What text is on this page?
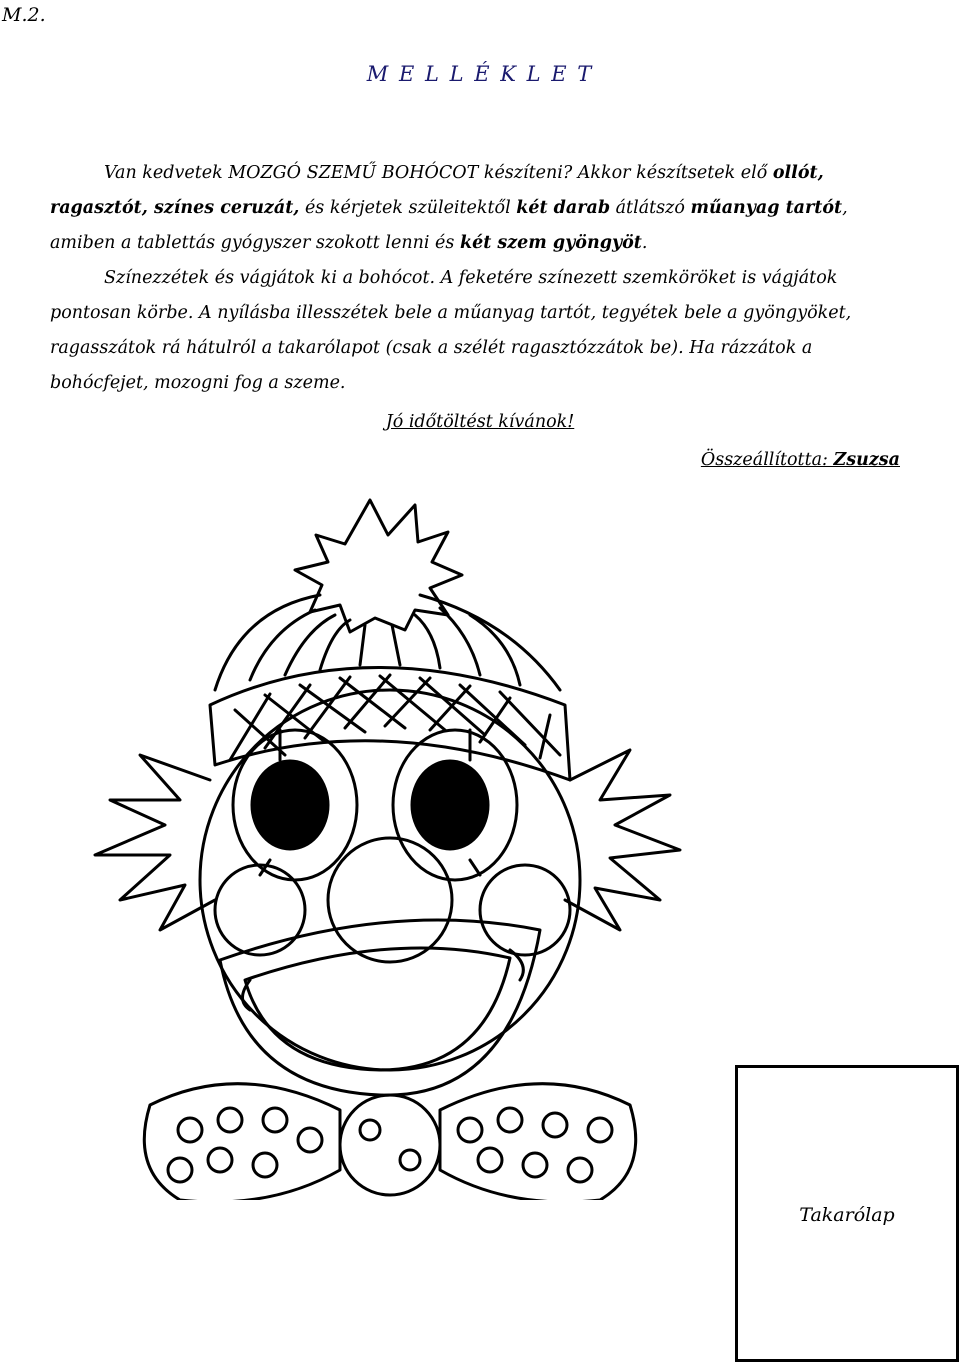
M.2.
M E L L É K L E T

Van kedvetek MOZGÓ SZEMŰ BOHÓCOT készíteni? Akkor készítsetek elő ollót, ragasztót, színes ceruzát, és kérjetek szüleitektől két darab átlátszó műanyag tartót, amiben a tablettás gyógyszer szokott lenni és két szem gyöngyöt.

Színezzétek és vágjátok ki a bohócot. A feketére színezett szemköröket is vágjátok pontosan körbe. A nyílásba illesszétek bele a műanyag tartót, tegyétek bele a gyöngyöket, ragasszátok rá hátulról a takarólapot (csak a szélét ragasztózzátok be). Ha rázzátok a bohócfejet, mozogni fog a szeme.

Jó időtöltést kívánok!
Összeállította: Zsuzsa
Takarólap
